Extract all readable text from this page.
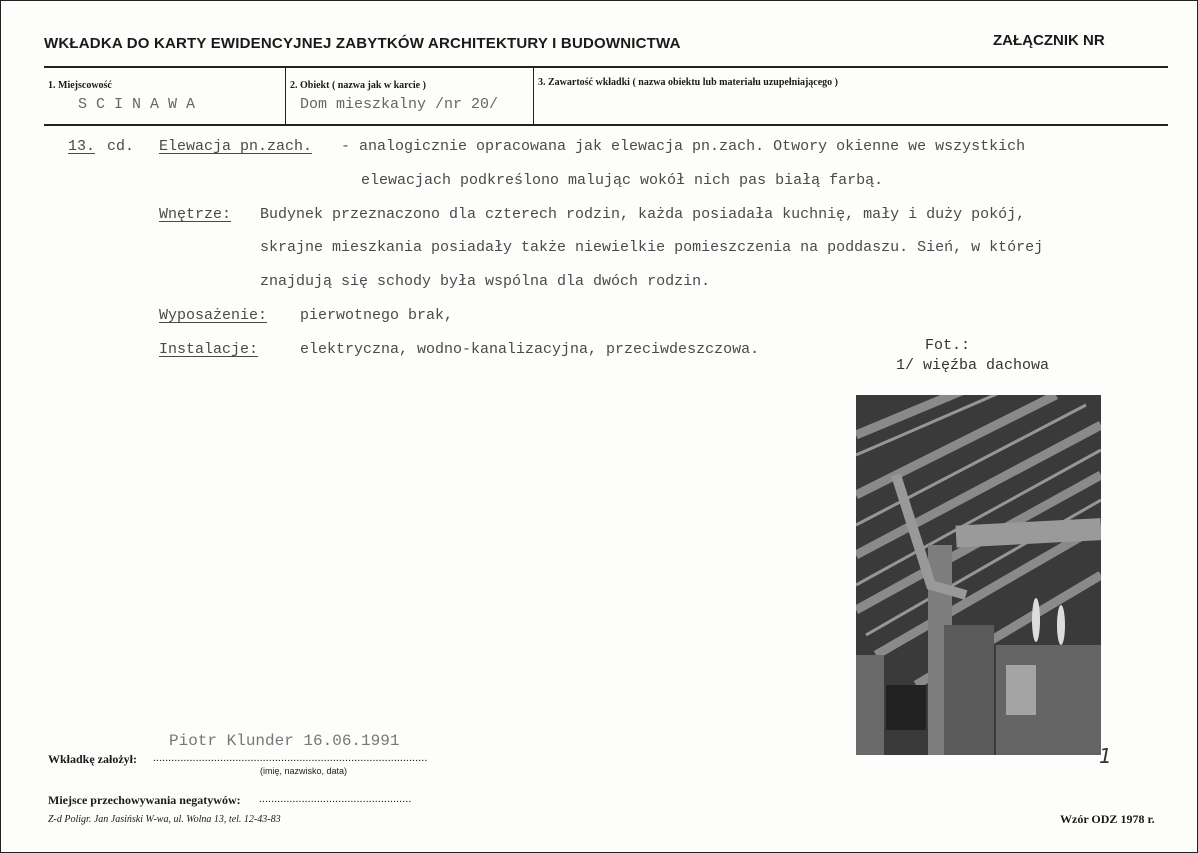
WKŁADKA DO KARTY EWIDENCYJNEJ ZABYTKÓW ARCHITEKTURY I BUDOWNICTWA	ZAŁĄCZNIK NR
1. Miejscowość
SCINAWA
2. Obiekt ( nazwa jak w karcie )
Dom mieszkalny /nr 20/
3. Zawartość wkładki ( nazwa obiektu lub materiału uzupełniającego )
13. cd. Elewacja pn.zach. - analogicznie opracowana jak elewacja pn.zach. Otwory okienne we wszystkich
elewacjach podkreślono malując wokół nich pas białą farbą.
Wnętrze: Budynek przeznaczono dla czterech rodzin, każda posiadała kuchnię, mały i duży pokój,
skrajne mieszkania posiadały także niewielkie pomieszczenia na poddaszu. Sień, w której
znajdują się schody była wspólna dla dwóch rodzin.
Wyposażenie: pierwotnego brak,
Instalacje:	elektryczna, wodno-kanalizacyjna, przeciwdeszczowa.	Fot.:
1/ więźba dachowa
1
Piotr Klunder 16.06.1991
Wkładkę założył: ..........................................................................................
(imię, nazwisko, data)
Miejsce przechowywania negatywów: ..................................................
Z-d Poligr. Jan Jasiński W-wa, ul. Wolna 13, tel. 12-43-83	Wzór ODZ 1978 r.
